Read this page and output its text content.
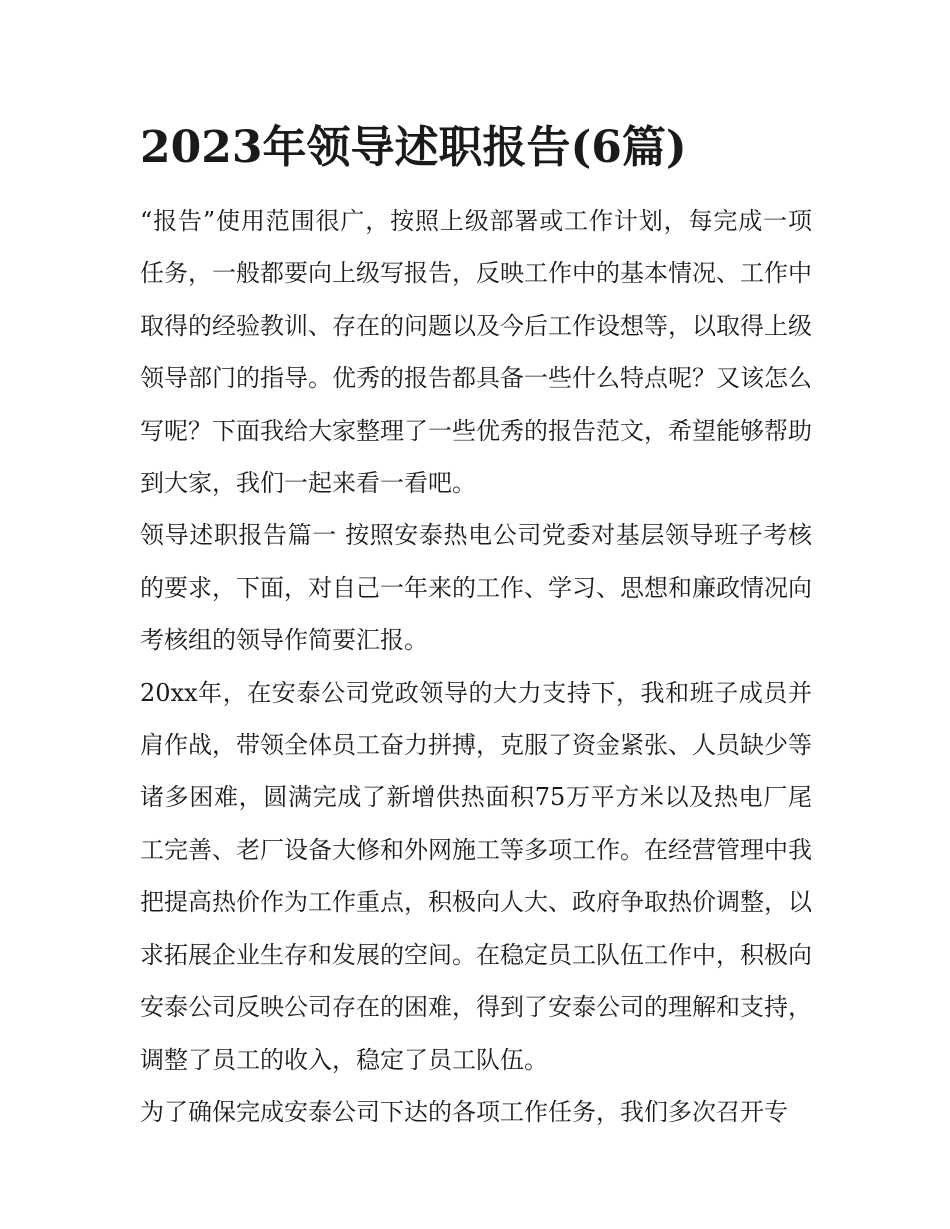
2023年领导述职报告(6篇)

“报告”使用范围很广，按照上级部署或工作计划，每完成一项任务，一般都要向上级写报告，反映工作中的基本情况、工作中取得的经验教训、存在的问题以及今后工作设想等，以取得上级领导部门的指导。优秀的报告都具备一些什么特点呢？又该怎么写呢？下面我给大家整理了一些优秀的报告范文，希望能够帮助到大家，我们一起来看一看吧。

领导述职报告篇一 按照安泰热电公司党委对基层领导班子考核的要求，下面，对自己一年来的工作、学习、思想和廉政情况向考核组的领导作简要汇报。

20xx年，在安泰公司党政领导的大力支持下，我和班子成员并肩作战，带领全体员工奋力拼搏，克服了资金紧张、人员缺少等诸多困难，圆满完成了新增供热面积75万平方米以及热电厂尾工完善、老厂设备大修和外网施工等多项工作。在经营管理中我把提高热价作为工作重点，积极向人大、政府争取热价调整，以求拓展企业生存和发展的空间。在稳定员工队伍工作中，积极向安泰公司反映公司存在的困难，得到了安泰公司的理解和支持，调整了员工的收入，稳定了员工队伍。

为了确保完成安泰公司下达的各项工作任务，我们多次召开专
